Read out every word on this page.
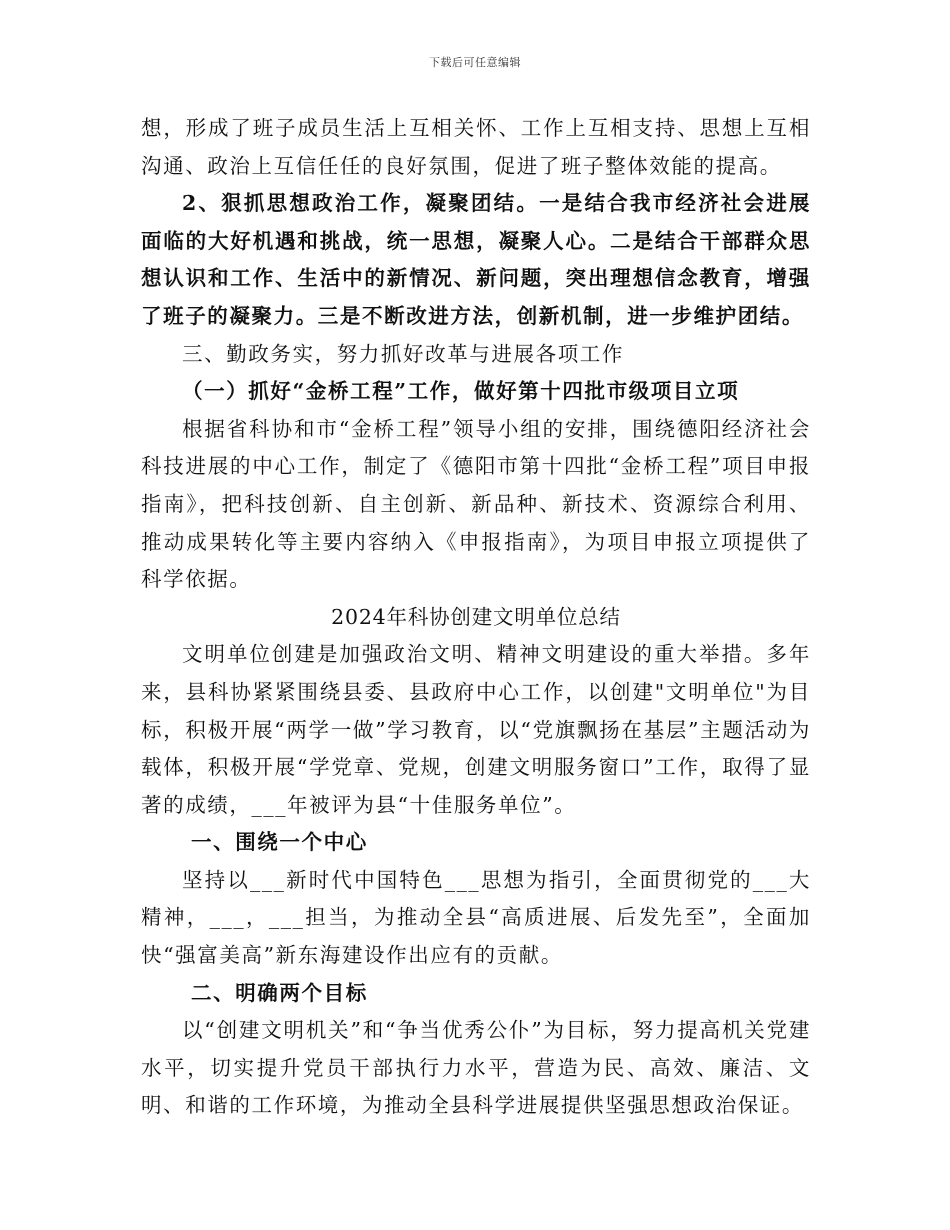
下载后可任意编辑

想，形成了班子成员生活上互相关怀、工作上互相支持、思想上互相沟通、政治上互信任任的良好氛围，促进了班子整体效能的提高。

2、狠抓思想政治工作，凝聚团结。一是结合我市经济社会进展面临的大好机遇和挑战，统一思想，凝聚人心。二是结合干部群众思想认识和工作、生活中的新情况、新问题，突出理想信念教育，增强了班子的凝聚力。三是不断改进方法，创新机制，进一步维护团结。

三、勤政务实，努力抓好改革与进展各项工作

（一）抓好“金桥工程”工作，做好第十四批市级项目立项

根据省科协和市“金桥工程”领导小组的安排，围绕德阳经济社会科技进展的中心工作，制定了《德阳市第十四批“金桥工程”项目申报指南》，把科技创新、自主创新、新品种、新技术、资源综合利用、推动成果转化等主要内容纳入《申报指南》，为项目申报立项提供了科学依据。

2024年科协创建文明单位总结

文明单位创建是加强政治文明、精神文明建设的重大举措。多年来，县科协紧紧围绕县委、县政府中心工作，以创建"文明单位"为目标，积极开展“两学一做”学习教育，以“党旗飘扬在基层”主题活动为载体，积极开展“学党章、党规，创建文明服务窗口”工作，取得了显著的成绩，___年被评为县“十佳服务单位”。

一、围绕一个中心

坚持以___新时代中国特色___思想为指引，全面贯彻党的___大精神，___，___担当，为推动全县“高质进展、后发先至”，全面加快“强富美高”新东海建设作出应有的贡献。

二、明确两个目标

以“创建文明机关”和“争当优秀公仆”为目标，努力提高机关党建水平，切实提升党员干部执行力水平，营造为民、高效、廉洁、文明、和谐的工作环境，为推动全县科学进展提供坚强思想政治保证。
